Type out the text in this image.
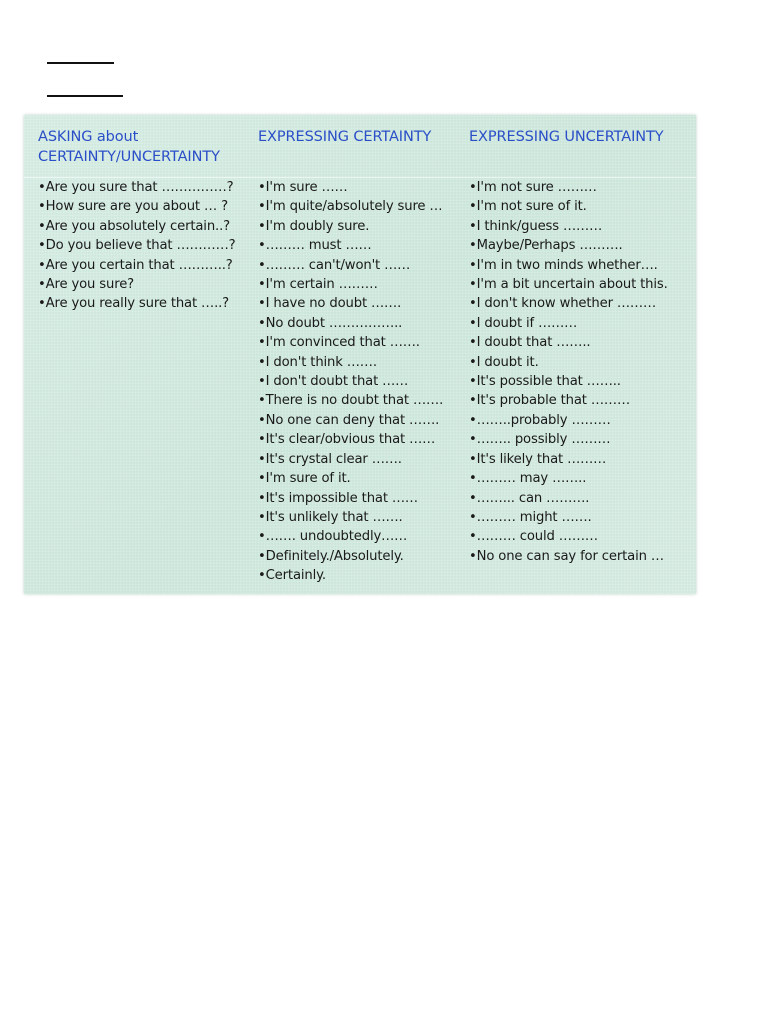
ASKING about CERTAINTY/UNCERTAINTY
•Are you sure that ……………?
•How sure are you about … ?
•Are you absolutely certain..?
•Do you believe that …………?
•Are you certain that ………..?
•Are you sure?
•Are you really sure that …..?
EXPRESSING CERTAINTY
•I'm sure ……
•I'm quite/absolutely sure …
•I'm doubly sure.
•……… must ……
•……… can't/won't ……
•I'm certain ………
•I have no doubt …….
•No doubt ……………..
•I'm convinced that …….
•I don't think …….
•I don't doubt that ……
•There is no doubt that …….
•No one can deny that …….
•It's clear/obvious that ……
•It's crystal clear …….
•I'm sure of it.
•It's impossible that ……
•It's unlikely that …….
•……. undoubtedly……
•Definitely./Absolutely.
•Certainly.
EXPRESSING UNCERTAINTY
•I'm not sure ………
•I'm not sure of it.
•I think/guess ………
•Maybe/Perhaps ……….
•I'm in two minds whether….
•I'm a bit uncertain about this.
•I don't know whether ………
•I doubt if ………
•I doubt that ……..
•I doubt it.
•It's possible that ……..
•It's probable that ………
•……..probably ………
•…….. possibly ………
•It's likely that ………
•……… may ……..
•……... can ……….
•……… might …….
•……… could ………
•No one can say for certain …
